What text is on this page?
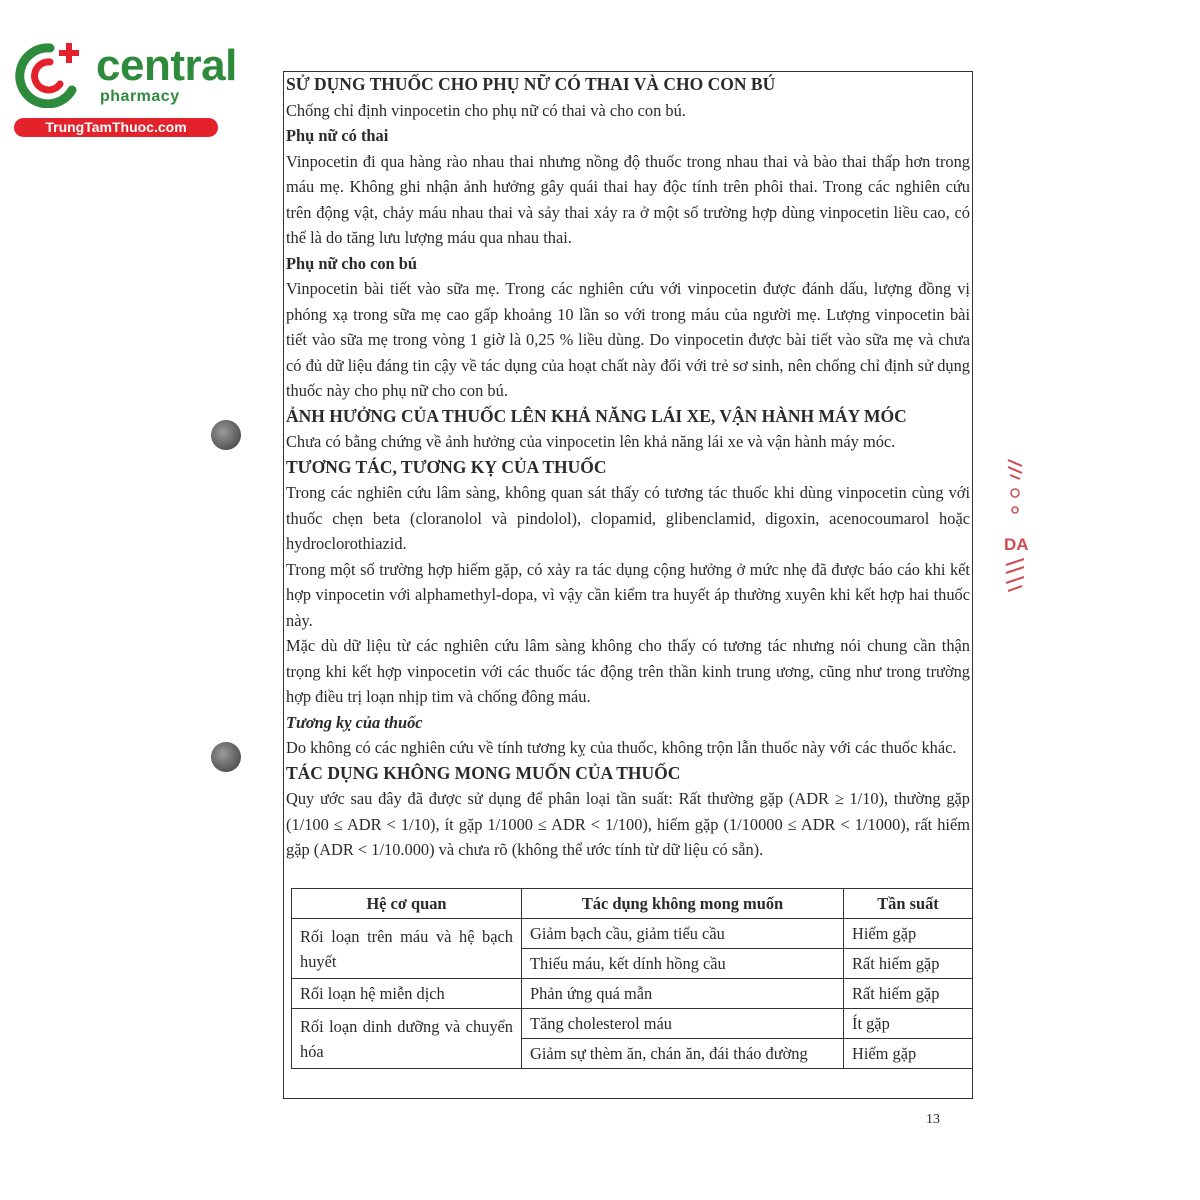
central
pharmacy
TrungTamThuoc.com
DA

SỬ DỤNG THUỐC CHO PHỤ NỮ CÓ THAI VÀ CHO CON BÚ

Chống chỉ định vinpocetin cho phụ nữ có thai và cho con bú.

Phụ nữ có thai

Vinpocetin đi qua hàng rào nhau thai nhưng nồng độ thuốc trong nhau thai và bào thai thấp hơn trong máu mẹ. Không ghi nhận ảnh hưởng gây quái thai hay độc tính trên phôi thai. Trong các nghiên cứu trên động vật, chảy máu nhau thai và sảy thai xảy ra ở một số trường hợp dùng vinpocetin liều cao, có thể là do tăng lưu lượng máu qua nhau thai.

Phụ nữ cho con bú

Vinpocetin bài tiết vào sữa mẹ. Trong các nghiên cứu với vinpocetin được đánh dấu, lượng đồng vị phóng xạ trong sữa mẹ cao gấp khoảng 10 lần so với trong máu của người mẹ. Lượng vinpocetin bài tiết vào sữa mẹ trong vòng 1 giờ là 0,25 % liều dùng. Do vinpocetin được bài tiết vào sữa mẹ và chưa có đủ dữ liệu đáng tin cậy về tác dụng của hoạt chất này đối với trẻ sơ sinh, nên chống chỉ định sử dụng thuốc này cho phụ nữ cho con bú.

ẢNH HƯỞNG CỦA THUỐC LÊN KHẢ NĂNG LÁI XE, VẬN HÀNH MÁY MÓC

Chưa có bằng chứng về ảnh hưởng của vinpocetin lên khả năng lái xe và vận hành máy móc.

TƯƠNG TÁC, TƯƠNG KỴ CỦA THUỐC

Trong các nghiên cứu lâm sàng, không quan sát thấy có tương tác thuốc khi dùng vinpocetin cùng với thuốc chẹn beta (cloranolol và pindolol), clopamid, glibenclamid, digoxin, acenocoumarol hoặc hydroclorothiazid.

Trong một số trường hợp hiếm gặp, có xảy ra tác dụng cộng hưởng ở mức nhẹ đã được báo cáo khi kết hợp vinpocetin với alphamethyl-dopa, vì vậy cần kiểm tra huyết áp thường xuyên khi kết hợp hai thuốc này.

Mặc dù dữ liệu từ các nghiên cứu lâm sàng không cho thấy có tương tác nhưng nói chung cần thận trọng khi kết hợp vinpocetin với các thuốc tác động trên thần kinh trung ương, cũng như trong trường hợp điều trị loạn nhịp tim và chống đông máu.

Tương kỵ của thuốc

Do không có các nghiên cứu về tính tương kỵ của thuốc, không trộn lẫn thuốc này với các thuốc khác.

TÁC DỤNG KHÔNG MONG MUỐN CỦA THUỐC

Quy ước sau đây đã được sử dụng để phân loại tần suất: Rất thường gặp (ADR ≥ 1/10), thường gặp (1/100 ≤ ADR < 1/10), ít gặp 1/1000 ≤ ADR < 1/100), hiếm gặp (1/10000 ≤ ADR < 1/1000), rất hiếm gặp (ADR < 1/10.000) và chưa rõ (không thể ước tính từ dữ liệu có sẵn).

Hệ cơ quan	Tác dụng không mong muốn	Tần suất
Rối loạn trên máu và hệ bạch huyết	Giảm bạch cầu, giảm tiểu cầu	Hiếm gặp
	Thiếu máu, kết dính hồng cầu	Rất hiếm gặp
Rối loạn hệ miễn dịch	Phản ứng quá mẫn	Rất hiếm gặp
Rối loạn dinh dưỡng và chuyển hóa	Tăng cholesterol máu	Ít gặp
	Giảm sự thèm ăn, chán ăn, đái tháo đường	Hiếm gặp
13
